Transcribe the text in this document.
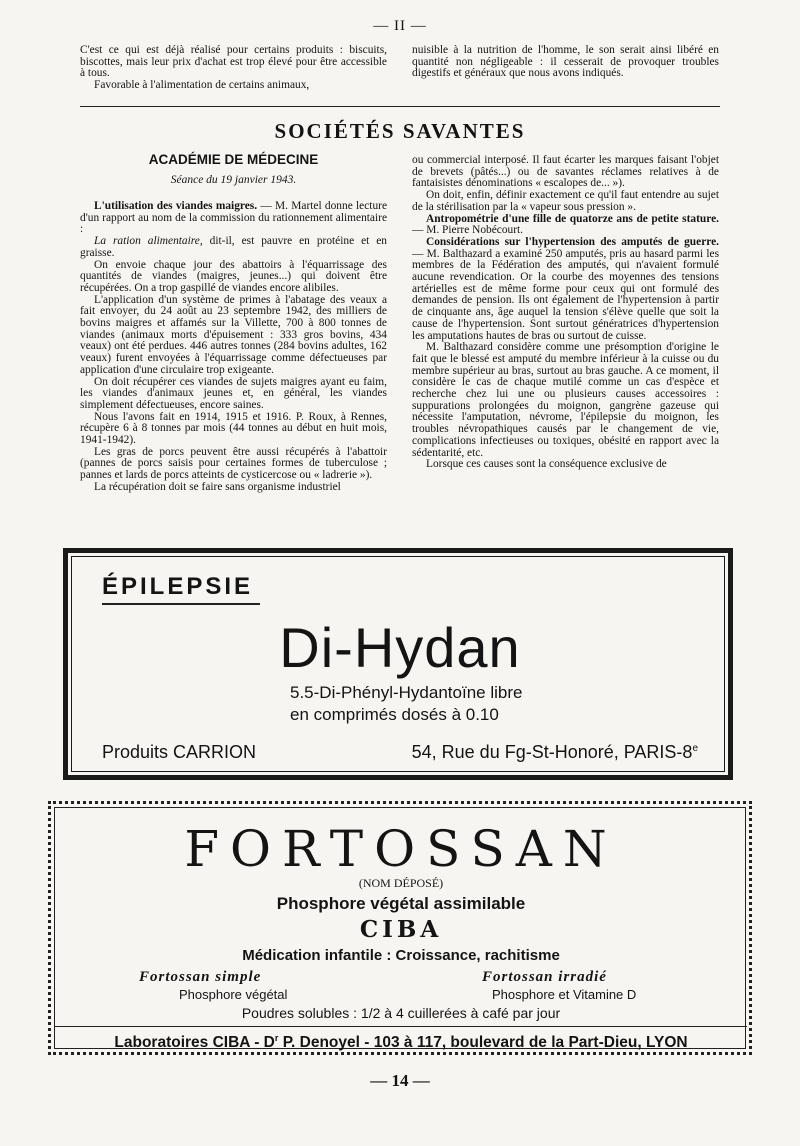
— II —

C'est ce qui est déjà réalisé pour certains produits : biscuits, biscottes, mais leur prix d'achat est trop élevé pour être accessible à tous.

Favorable à l'alimentation de certains animaux,

nuisible à la nutrition de l'homme, le son serait ainsi libéré en quantité non négligeable : il cesserait de provoquer troubles digestifs et généraux que nous avons indiqués.

SOCIÉTÉS SAVANTES
ACADÉMIE DE MÉDECINE
Séance du 19 janvier 1943.

L'utilisation des viandes maigres. — M. Martel donne lecture d'un rapport au nom de la commission du rationnement alimentaire :

La ration alimentaire, dit-il, est pauvre en protéine et en graisse.

On envoie chaque jour des abattoirs à l'équarrissage des quantités de viandes (maigres, jeunes...) qui doivent être récupérées. On a trop gaspillé de viandes encore alibiles.

L'application d'un système de primes à l'abatage des veaux a fait envoyer, du 24 août au 23 septembre 1942, des milliers de bovins maigres et affamés sur la Villette, 700 à 800 tonnes de viandes (animaux morts d'épuisement : 333 gros bovins, 434 veaux) ont été perdues. 446 autres tonnes (284 bovins adultes, 162 veaux) furent envoyées à l'équarrissage comme défectueuses par application d'une circulaire trop exigeante.

On doit récupérer ces viandes de sujets maigres ayant eu faim, les viandes d'animaux jeunes et, en général, les viandes simplement défectueuses, encore saines.

Nous l'avons fait en 1914, 1915 et 1916. P. Roux, à Rennes, récupère 6 à 8 tonnes par mois (44 tonnes au début en huit mois, 1941-1942).

Les gras de porcs peuvent être aussi récupérés à l'abattoir (pannes de porcs saisis pour certaines formes de tuberculose ; pannes et lards de porcs atteints de cysticercose ou « ladrerie »).

La récupération doit se faire sans organisme industriel

ou commercial interposé. Il faut écarter les marques faisant l'objet de brevets (pâtés...) ou de savantes réclames relatives à de fantaisistes dénominations « escalopes de... »).

On doit, enfin, définir exactement ce qu'il faut entendre au sujet de la stérilisation par la « vapeur sous pression ».

Antropométrie d'une fille de quatorze ans de petite stature. — M. Pierre Nobécourt.

Considérations sur l'hypertension des amputés de guerre. — M. Balthazard a examiné 250 amputés, pris au hasard parmi les membres de la Fédération des amputés, qui n'avaient formulé aucune revendication. Or la courbe des moyennes des tensions artérielles est de même forme pour ceux qui ont formulé des demandes de pension. Ils ont également de l'hypertension à partir de cinquante ans, âge auquel la tension s'élève quelle que soit la cause de l'hypertension. Sont surtout génératrices d'hypertension les amputations hautes de bras ou surtout de cuisse.

M. Balthazard considère comme une présomption d'origine le fait que le blessé est amputé du membre inférieur à la cuisse ou du membre supérieur au bras, surtout au bras gauche. A ce moment, il considère le cas de chaque mutilé comme un cas d'espèce et recherche chez lui une ou plusieurs causes accessoires : suppurations prolongées du moignon, gangrène gazeuse qui nécessite l'amputation, névrome, l'épilepsie du moignon, les troubles névropathiques causés par le changement de vie, complications infectieuses ou toxiques, obésité en rapport avec la sédentarité, etc.

Lorsque ces causes sont la conséquence exclusive de

ÉPILEPSIE
Di-Hydan
5.5-Di-Phényl-Hydantoïne libre
en comprimés dosés à 0.10
Produits CARRION	54, Rue du Fg-St-Honoré, PARIS-8e
FORTOSSAN
(NOM DÉPOSÉ)
Phosphore végétal assimilable
CIBA
Médication infantile : Croissance, rachitisme
Fortossan simple
Phosphore végétal
Fortossan irradié
Phosphore et Vitamine D
Poudres solubles : 1/2 à 4 cuillerées à café par jour
Laboratoires CIBA - $D^r$ P. Denoyel - 103 à 117, boulevard de la Part-Dieu, LYON
— 14 —
